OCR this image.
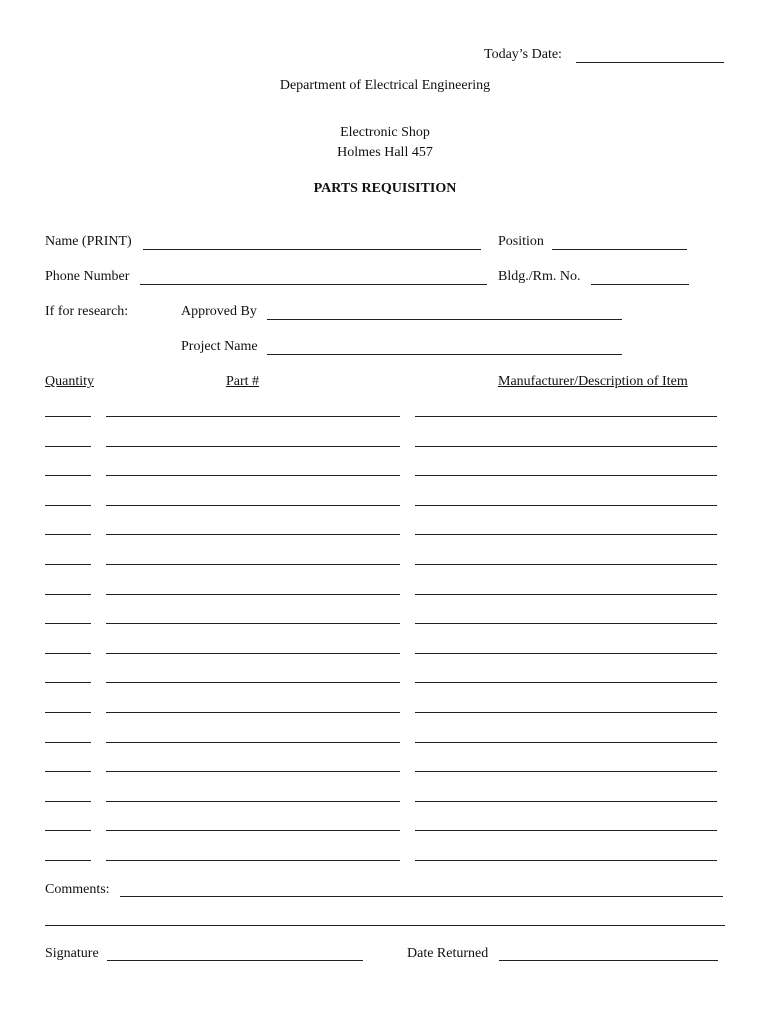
Today’s Date:
Department of Electrical Engineering
Electronic Shop
Holmes Hall 457
PARTS REQUISITION
Name (PRINT)	Position
Phone Number	Bldg./Rm. No.
If for research:	Approved By
Project Name
Quantity	Part #	Manufacturer/Description of Item
Comments:
Signature	Date Returned
